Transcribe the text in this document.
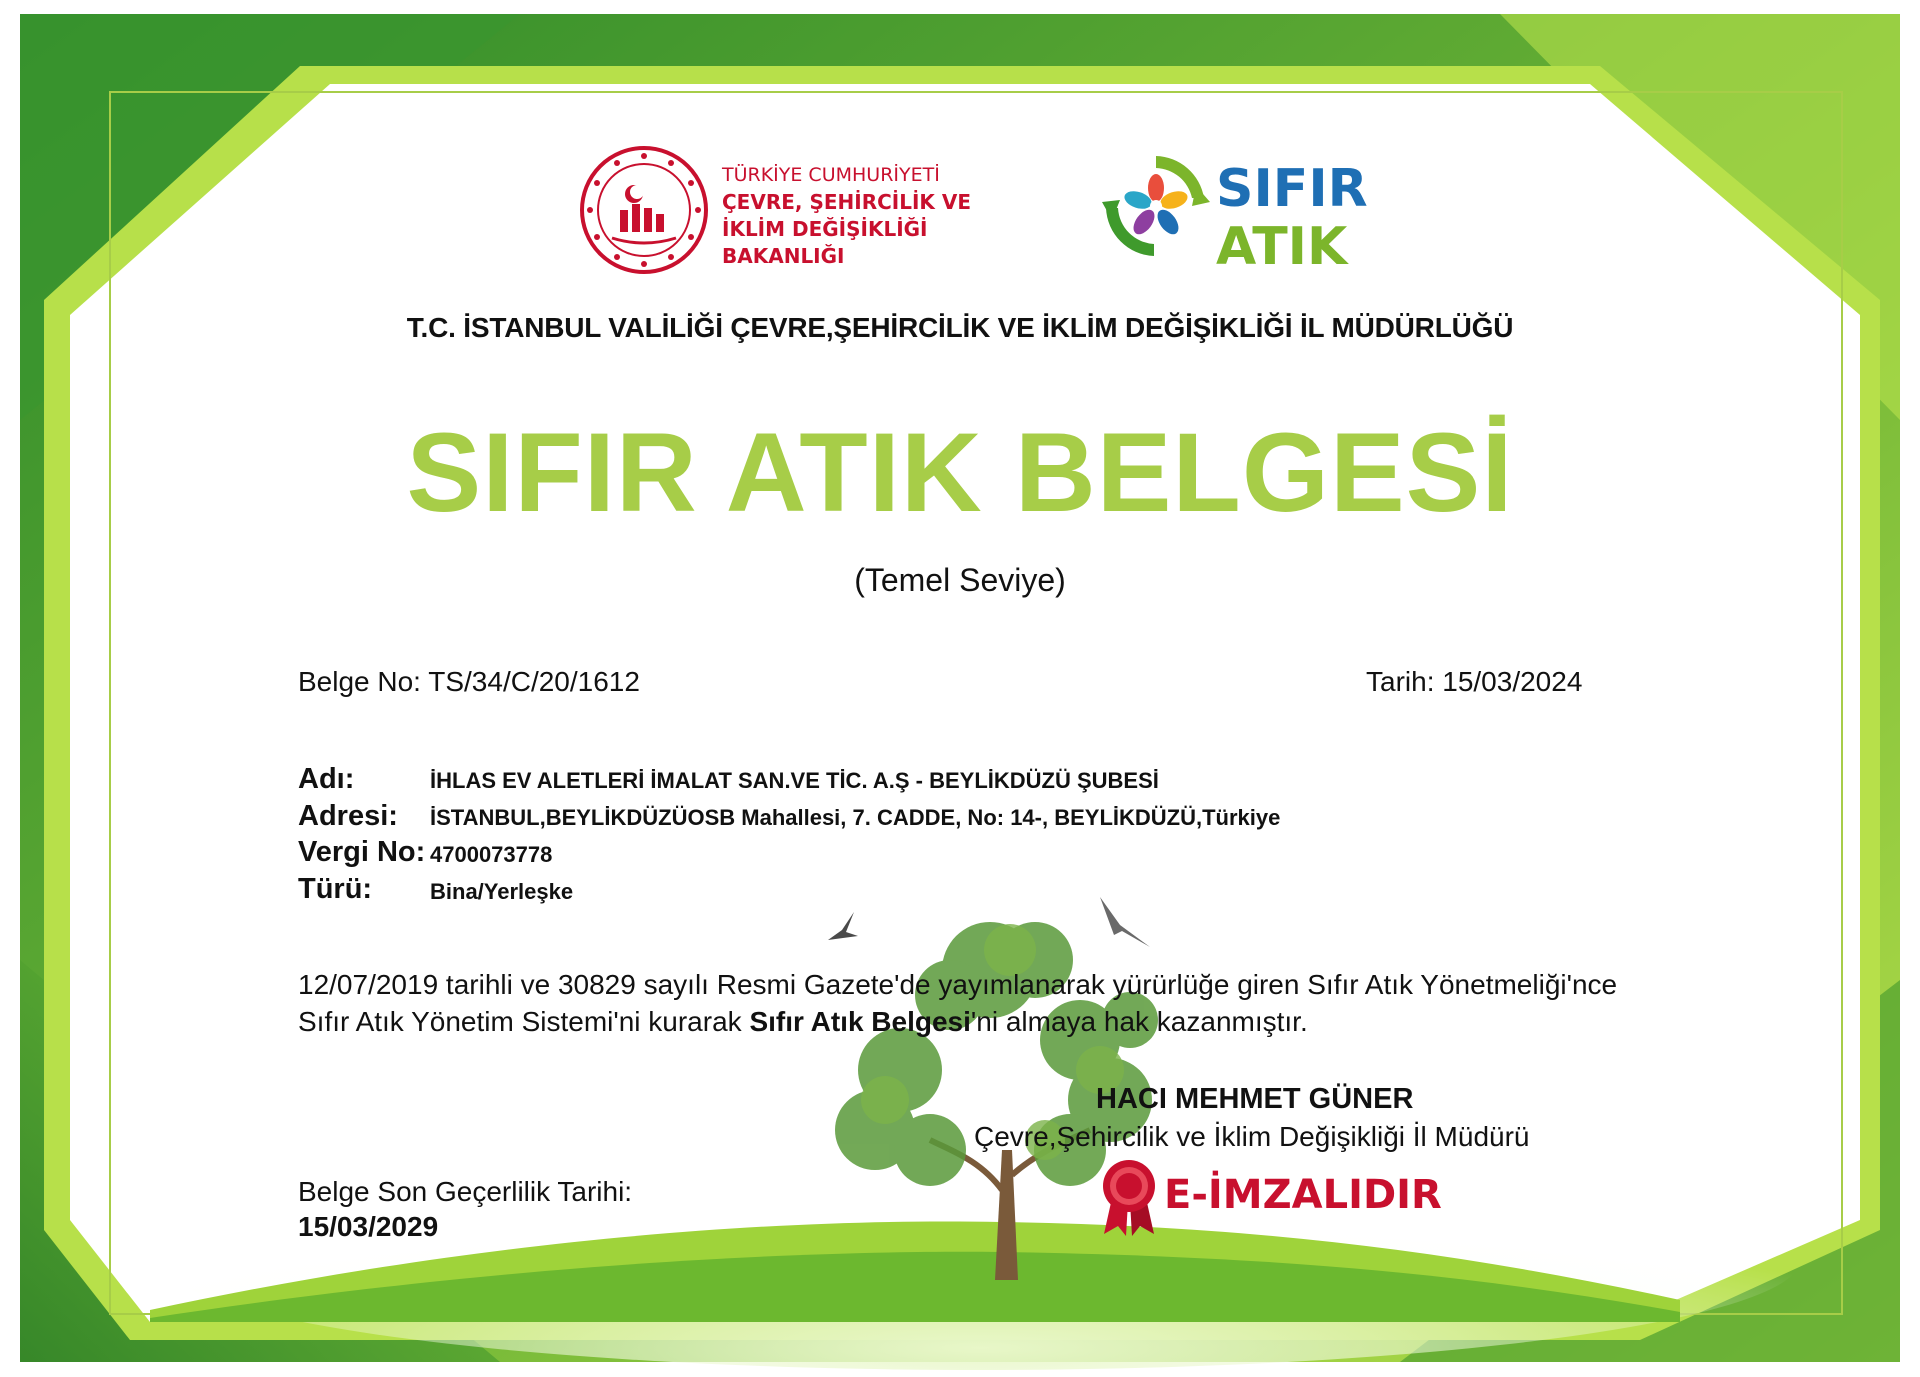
TÜRKİYE CUMHURİYETİ
ÇEVRE, ŞEHİRCİLİK VE
İKLİM DEĞİŞİKLİĞİ BAKANLIĞI
SIFIR
ATIK
T.C. İSTANBUL VALİLİĞİ ÇEVRE,ŞEHİRCİLİK VE İKLİM DEĞİŞİKLİĞİ İL MÜDÜRLÜĞÜ
SIFIR ATIK BELGESİ
(Temel Seviye)
Belge No: TS/34/C/20/1612	Tarih: 15/03/2024
Adı:	İHLAS EV ALETLERİ İMALAT SAN.VE TİC. A.Ş - BEYLİKDÜZÜ ŞUBESİ
Adresi: İSTANBUL,BEYLİKDÜZÜOSB Mahallesi, 7. CADDE, No: 14-, BEYLİKDÜZÜ,Türkiye
Vergi No: 4700073778
Türü:	Bina/Yerleşke
12/07/2019 tarihli ve 30829 sayılı Resmi Gazete'de yayımlanarak yürürlüğe giren Sıfır Atık Yönetmeliği'nce Sıfır Atık Yönetim Sistemi'ni kurarak Sıfır Atık Belgesi'ni almaya hak kazanmıştır.
HACI MEHMET GÜNER
Çevre,Şehircilik ve İklim Değişikliği İl Müdürü
Belge Son Geçerlilik Tarihi:
15/03/2029
E-İMZALIDIR
